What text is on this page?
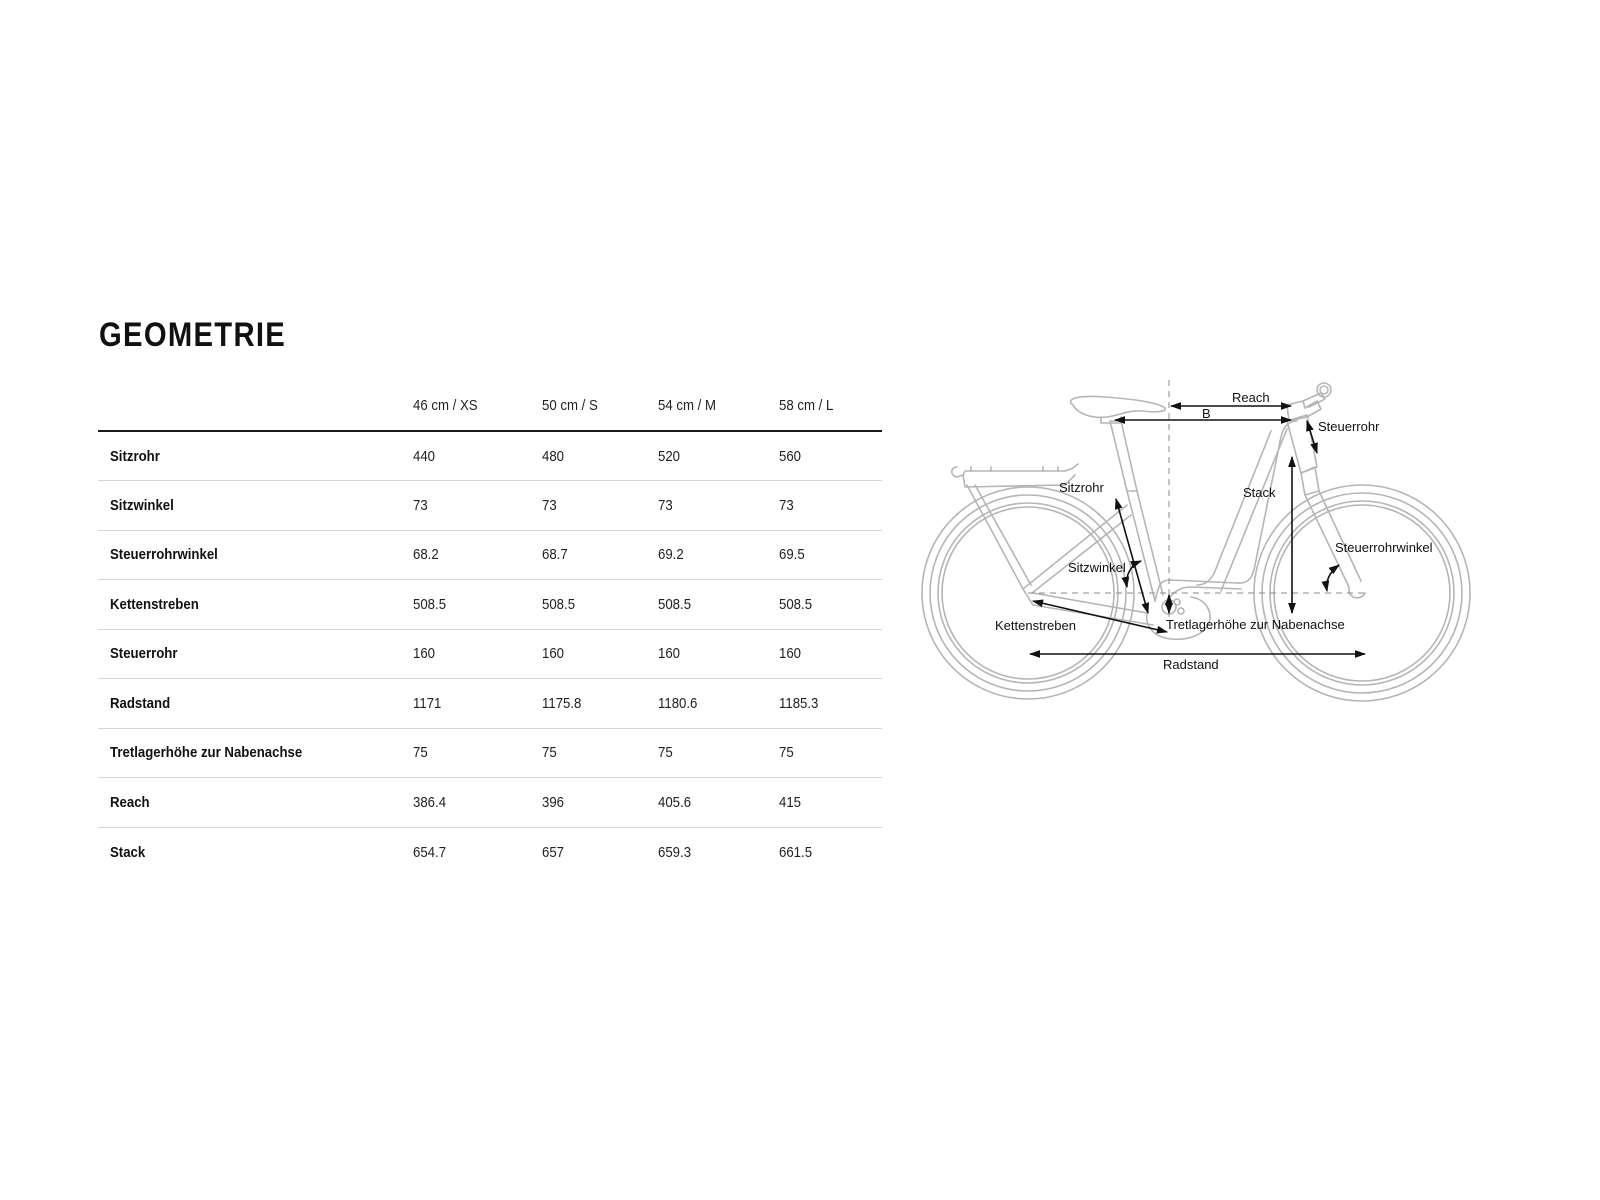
GEOMETRIE
	46 cm / XS	50 cm / S	54 cm / M	58 cm / L
Sitzrohr	440	480	520	560
Sitzwinkel	73	73	73	73
Steuerrohrwinkel	68.2	68.7	69.2	69.5
Kettenstreben	508.5	508.5	508.5	508.5
Steuerrohr	160	160	160	160
Radstand	1171	1175.8	1180.6	1185.3
Tretlagerhöhe zur Nabenachse	75	75	75	75
Reach	386.4	396	405.6	415
Stack	654.7	657	659.3	661.5
Reach
B
Steuerrohr
Sitzrohr	Stack
Steuerrohrwinkel
Sitzwinkel
Kettenstreben	Tretlagerhöhe zur Nabenachse
Radstand
